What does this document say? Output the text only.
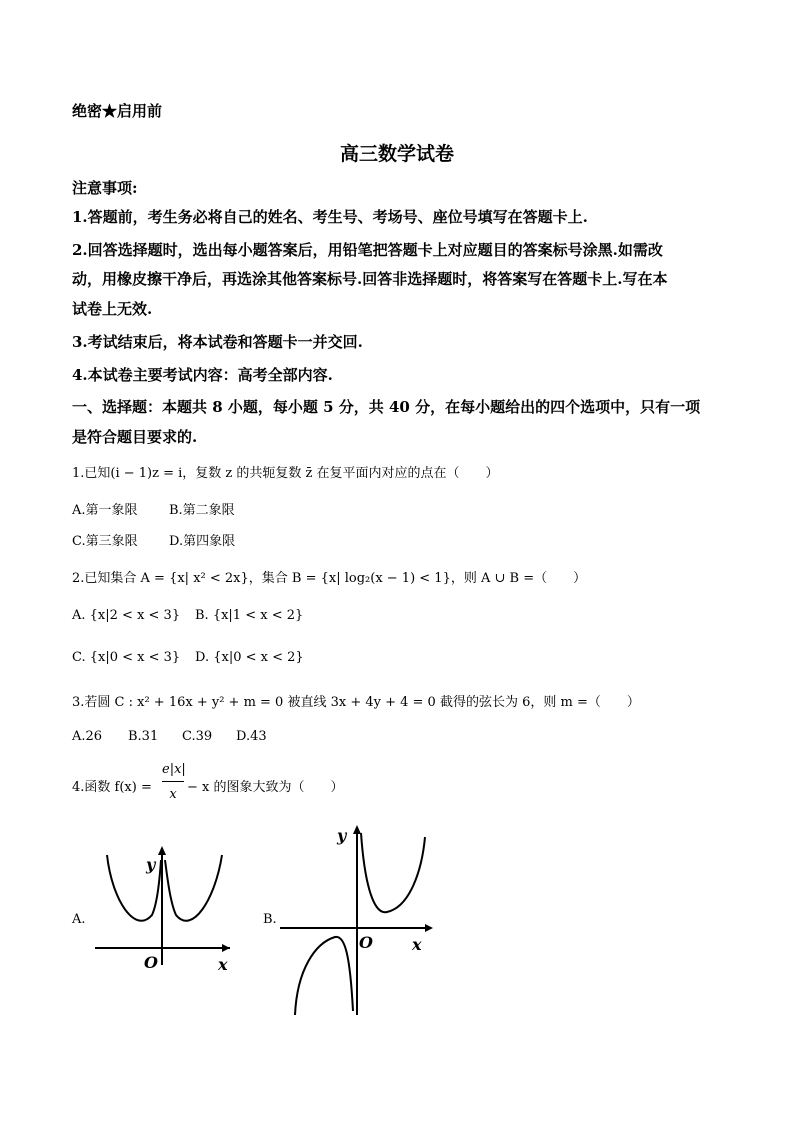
绝密★启用前
高三数学试卷
注意事项:
1.答题前，考生务必将自己的姓名、考生号、考场号、座位号填写在答题卡上.
2.回答选择题时，选出每小题答案后，用铅笔把答题卡上对应题目的答案标号涂黑.如需改
动，用橡皮擦干净后，再选涂其他答案标号.回答非选择题时，将答案写在答题卡上.写在本
试卷上无效.
3.考试结束后，将本试卷和答题卡一并交回.
4.本试卷主要考试内容：高考全部内容.
一、选择题：本题共 8 小题，每小题 5 分，共 40 分，在每小题给出的四个选项中，只有一项
是符合题目要求的.
1.已知(i − 1)z = i，复数 z 的共轭复数 z̄ 在复平面内对应的点在（　　）
A.第一象限 B.第二象限
C.第三象限 D.第四象限
2.已知集合 A = {x| x² < 2x}，集合 B = {x| log₂(x − 1) < 1}，则 A ∪ B =（　　）
A. {x|2 < x < 3} B. {x|1 < x < 2}
C. {x|0 < x < 3} D. {x|0 < x < 2}
3.若圆 C : x² + 16x + y² + m = 0 被直线 3x + 4y + 4 = 0 截得的弦长为 6，则 m =（　　）
A.26 B.31 C.39 D.43
4.函数 f(x) =
e|x|
x − x 的图象大致为（　　）
A.
O	x
y
B.
O x
y
